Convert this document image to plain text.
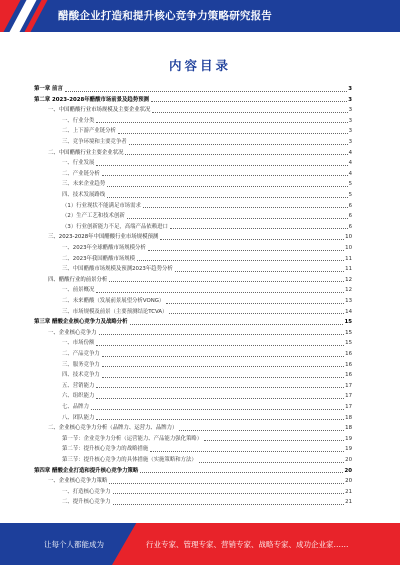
醋酸企业打造和提升核心竞争力策略研究报告
内容目录
第一章 前言	3
第二章 2023-2028年醋酸市场前景及趋势预测	3
一、中国醋酸行业市场规模及主要企业状况	3
一、行业分类	3
二、上下游产业链分析	3
三、竞争环境和主要竞争者	3
二、中国醋酸行业主要企业状况	4
一、行业发展	4
二、产业链分析	4
三、未来企业趋势	5
四、技术发展路线	5
（1）行业现状不能满足市场需求	6
（2）生产工艺和技术创新	6
（3）行业创新能力不足，高端产品依赖进口	6
三、2023-2028年中国醋酸行业市场规模预测	10
一、2023年全球醋酸市场规模分析	10
二、2023年我国醋酸市场规模	11
三、中国醋酸市场规模及预测2023年趋势分析	11
四、醋酸行业的前景分析	12
一、前景概况	12
二、未来醋酸（发展前景展望分析VONG）	13
三、市场规模及前景（主要预测结论TCVA）	14
第三章 醋酸企业核心竞争力及战略分析	15
一、企业核心竞争力	15
一、市场份额	15
二、产品竞争力	16
三、服务竞争力	16
四、技术竞争力	16
五、营销能力	17
六、组织能力	17
七、品牌力	17
八、团队能力	18
二、企业核心竞争力分析（品牌力、运营力、品牌力）	18
第一节：企业竞争力分析（运营能力、产品能力强化策略）	19
第二节：提升核心竞争力的战略措施	19
第三节：提升核心竞争力的具体措施（实施策略和方法）	20
第四章 醋酸企业打造和提升核心竞争力策略	20
一、企业核心竞争力策略	20
一、打造核心竞争力	21
二、提升核心竞争力	21
让每个人都能成为	行业专家、管理专家、营销专家、战略专家、成功企业家……
